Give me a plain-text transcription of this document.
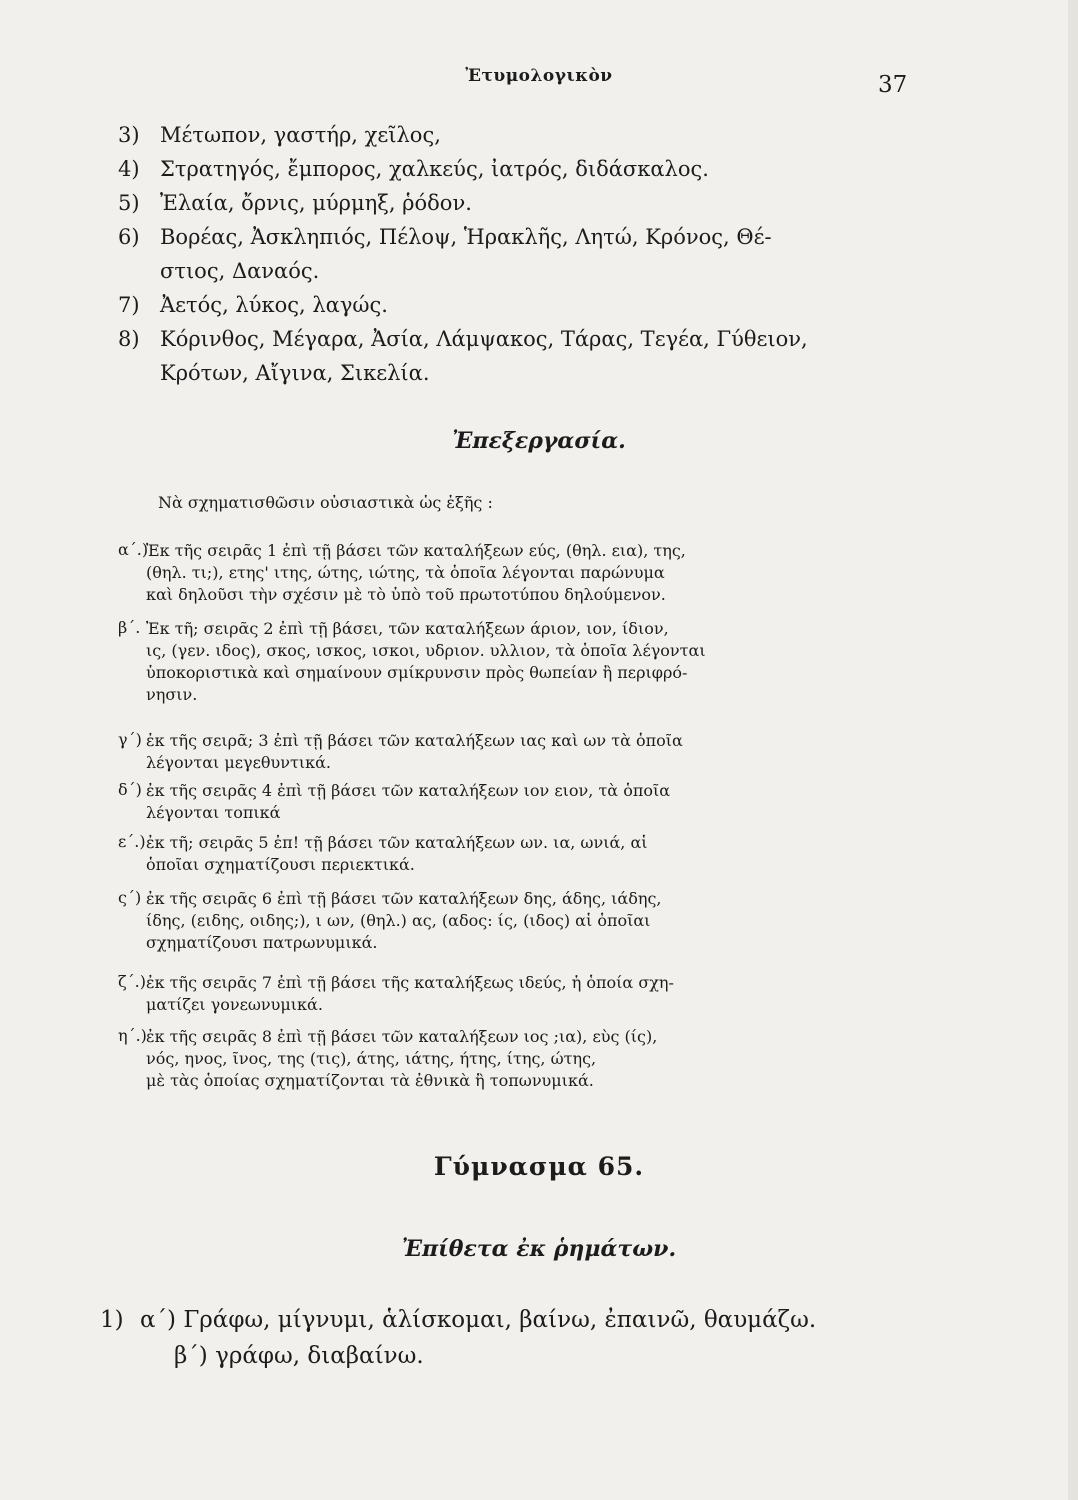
Ἐτυμολογικὸν	37
3) Μέτωπον, γαστήρ, χεῖλος,
4) Στρατηγός, ἔμπορος, χαλκεύς, ἰατρός, διδάσκαλος.
5) Ἐλαία, ὄρνις, μύρμηξ, ῥόδον.
6) Βορέας, Ἀσκληπιός, Πέλοψ, Ἡρακλῆς, Λητώ, Κρόνος, Θέ-
στιος, Δαναός.
7) Ἀετός, λύκος, λαγώς.
8) Κόρινθος, Μέγαρα, Ἀσία, Λάμψακος, Τάρας, Τεγέα, Γύθειον,
Κρότων, Αἴγινα, Σικελία.
Ἐπεξεργασία.
Νὰ σχηματισθῶσιν οὐσιαστικὰ ὡς ἑξῆς :
α΄.)
Ἐκ τῆς σειρᾶς 1 ἐπὶ τῇ βάσει τῶν καταλήξεων εύς, (θηλ. εια), της,
(θηλ. τι;), ετης' ιτης, ώτης, ιώτης, τὰ ὁποῖα λέγονται παρώνυμα
καὶ δηλοῦσι τὴν σχέσιν μὲ τὸ ὑπὸ τοῦ πρωτοτύπου δηλούμενον.
β΄. Ἐκ τῆ; σειρᾶς 2 ἐπὶ τῇ βάσει, τῶν καταλήξεων άριον, ιον, ίδιον,
ις, (γεν. ιδος), σκος, ισκος, ισκοι, υδριον. υλλιον, τὰ ὁποῖα λέγονται
ὑποκοριστικὰ καὶ σημαίνουν σμίκρυνσιν πρὸς θωπείαν ἢ περιφρό-
νησιν.
γ΄) ἐκ τῆς σειρᾶ; 3 ἐπὶ τῇ βάσει τῶν καταλήξεων ιας καὶ ων τὰ ὁποῖα
λέγονται μεγεθυντικά.
δ΄) ἐκ τῆς σειρᾶς 4 ἐπὶ τῇ βάσει τῶν καταλήξεων ιον ειον, τὰ ὁποῖα
λέγονται τοπικά
ε΄.) ἐκ τῆ; σειρᾶς 5 ἐπ! τῇ βάσει τῶν καταλήξεων ων. ια, ωνιά, αἱ
ὁποῖαι σχηματίζουσι περιεκτικά.
ς΄) ἐκ τῆς σειρᾶς 6 ἐπὶ τῇ βάσει τῶν καταλήξεων δης, άδης, ιάδης,
ίδης, (ειδης, οιδης;), ι ων, (θηλ.) ας, (αδος: ίς, (ιδος) αἱ ὁποῖαι
σχηματίζουσι πατρωνυμικά.
ζ΄.) ἐκ τῆς σειρᾶς 7 ἐπὶ τῇ βάσει τῆς καταλήξεως ιδεύς, ἡ ὁποία σχη-
ματίζει γονεωνυμικά.
η΄.) ἐκ τῆς σειρᾶς 8 ἐπὶ τῇ βάσει τῶν καταλήξεων ιος ;ια), εὺς (ίς),
νός, ηνος, ῖνος, της (τις), άτης, ιάτης, ήτης, ίτης, ώτης,
μὲ τὰς ὁποίας σχηματίζονται τὰ ἐθνικὰ ἢ τοπωνυμικά.
Γύμνασμα 65.
Ἐπίθετα ἐκ ῥημάτων.
1) α΄) Γράφω, μίγνυμι, ἁλίσκομαι, βαίνω, ἐπαινῶ, θαυμάζω.
β΄) γράφω, διαβαίνω.
